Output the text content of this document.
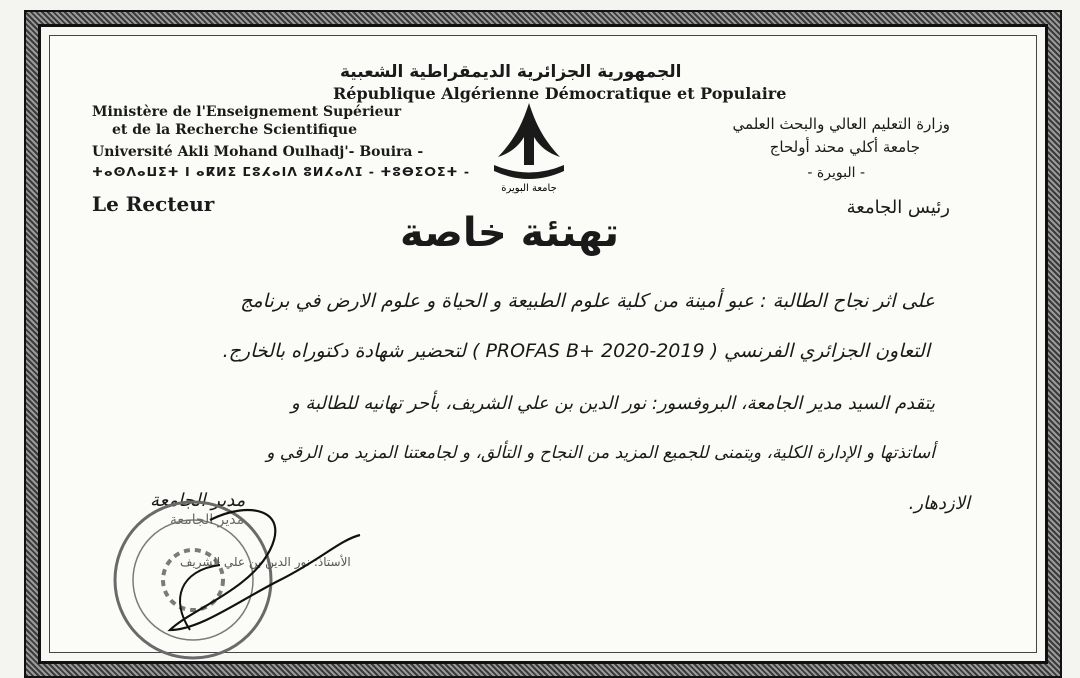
الجمهورية الجزائرية الديمقراطية الشعبية
République Algérienne Démocratique et Populaire
Ministère de l'Enseignement Supérieur
et de la Recherche Scientifique
Université Akli Mohand Oulhadj'- Bouira -
ⵜⴰⵙⴷⴰⵡⵉⵜ ⵏ ⴰⴽⵍⵉ ⵎⵓⵃⴰⵏⴷ ⵓⵍⵃⴰⴷⵊ - ⵜⵓⴱⵉⵔⵉⵜ -
Le Recteur
وزارة التعليم العالي والبحث العلمي
جامعة أكلي محند أولحاج
- البويرة -
رئيس الجامعة
جامعة البويرة
تهنئة خاصة
على اثر نجاح الطالبة : عبو أمينة من كلية علوم الطبيعة و الحياة و علوم الارض في برنامج
التعاون الجزائري الفرنسي ( PROFAS B+ 2020-2019 ) لتحضير شهادة دكتوراه بالخارج.
يتقدم السيد مدير الجامعة، البروفسور: نور الدين بن علي الشريف، بأحر تهانيه للطالبة و
أساتذتها و الإدارة الكلية، ويتمنى للجميع المزيد من النجاح و التألق، و لجامعتنا المزيد من الرقي و
الازدهار.
مدير الجامعة
مدير الجامعة
الأستاذ: نور الدين بن علي الشريف
